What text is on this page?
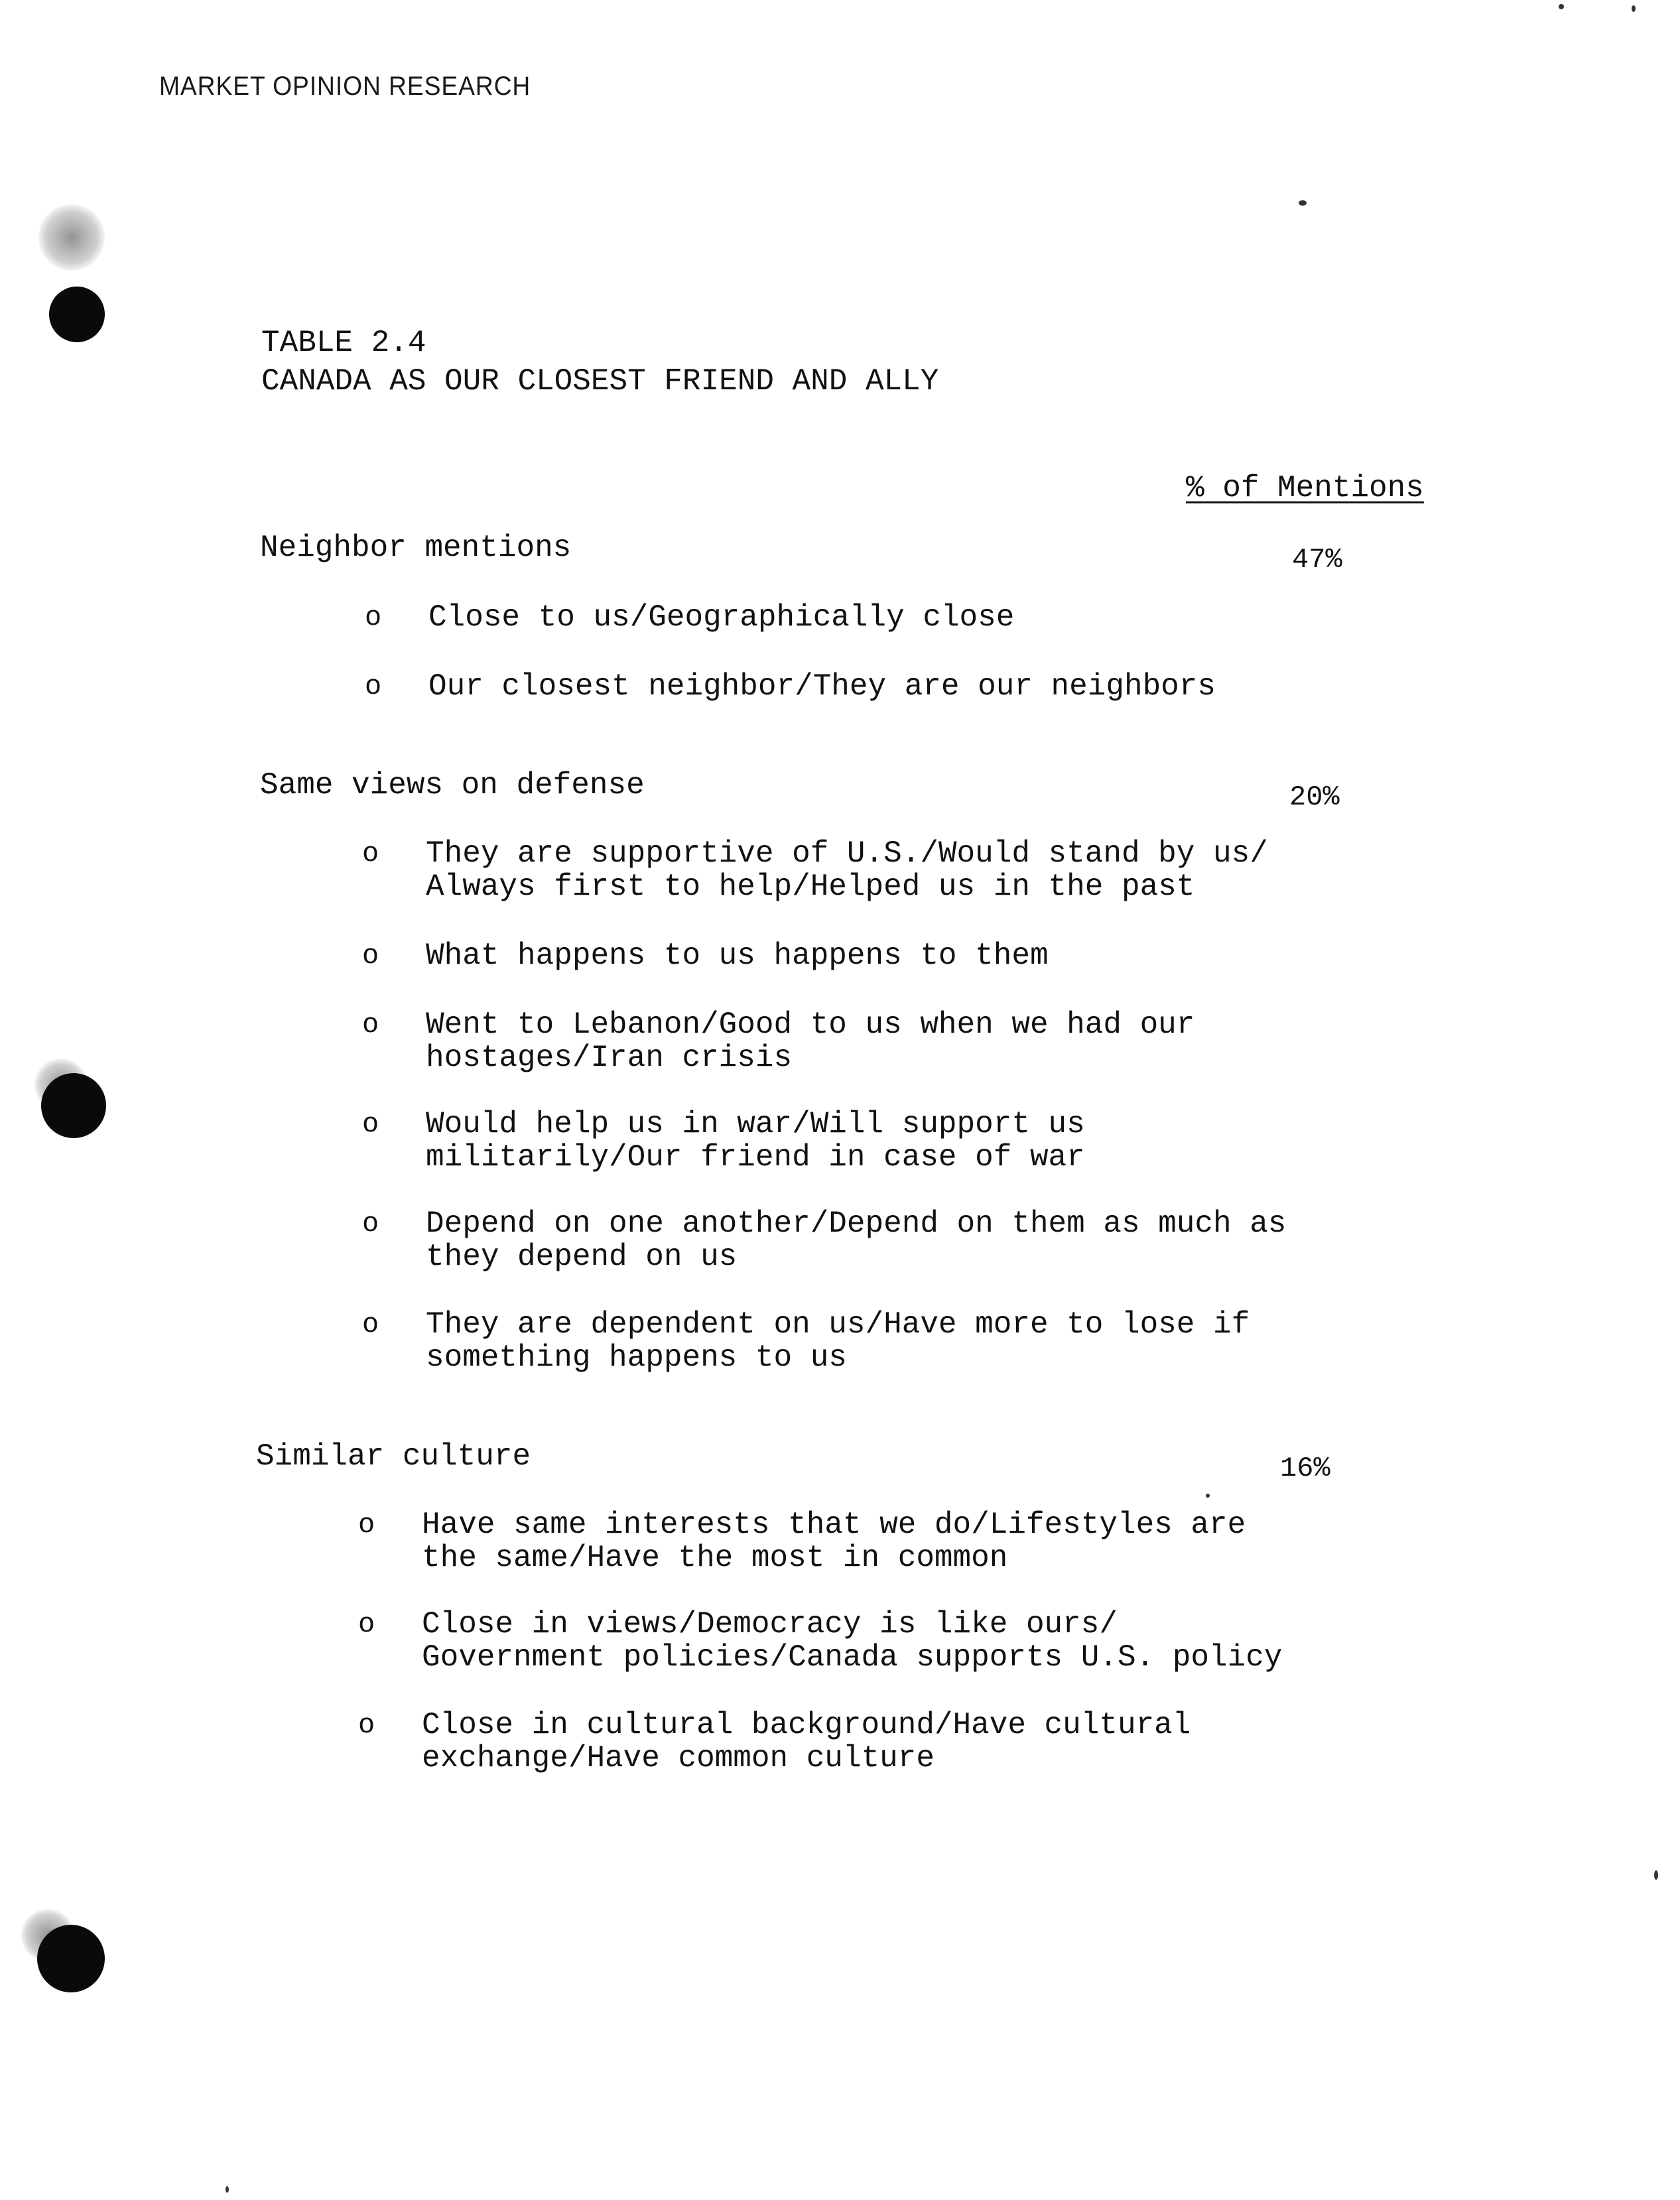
MARKET OPINION RESEARCH
TABLE 2.4
CANADA AS OUR CLOSEST FRIEND AND ALLY
% of Mentions
Neighbor mentions	47%
o Close to us/Geographically close
o Our closest neighbor/They are our neighbors
Same views on defense	20%
o They are supportive of U.S./Would stand by us/
Always first to help/Helped us in the past
o What happens to us happens to them
o Went to Lebanon/Good to us when we had our
hostages/Iran crisis
o Would help us in war/Will support us
militarily/Our friend in case of war
o Depend on one another/Depend on them as much as
they depend on us
o They are dependent on us/Have more to lose if
something happens to us
Similar culture	16%
o Have same interests that we do/Lifestyles are
the same/Have the most in common
o Close in views/Democracy is like ours/
Government policies/Canada supports U.S. policy
o Close in cultural background/Have cultural
exchange/Have common culture
